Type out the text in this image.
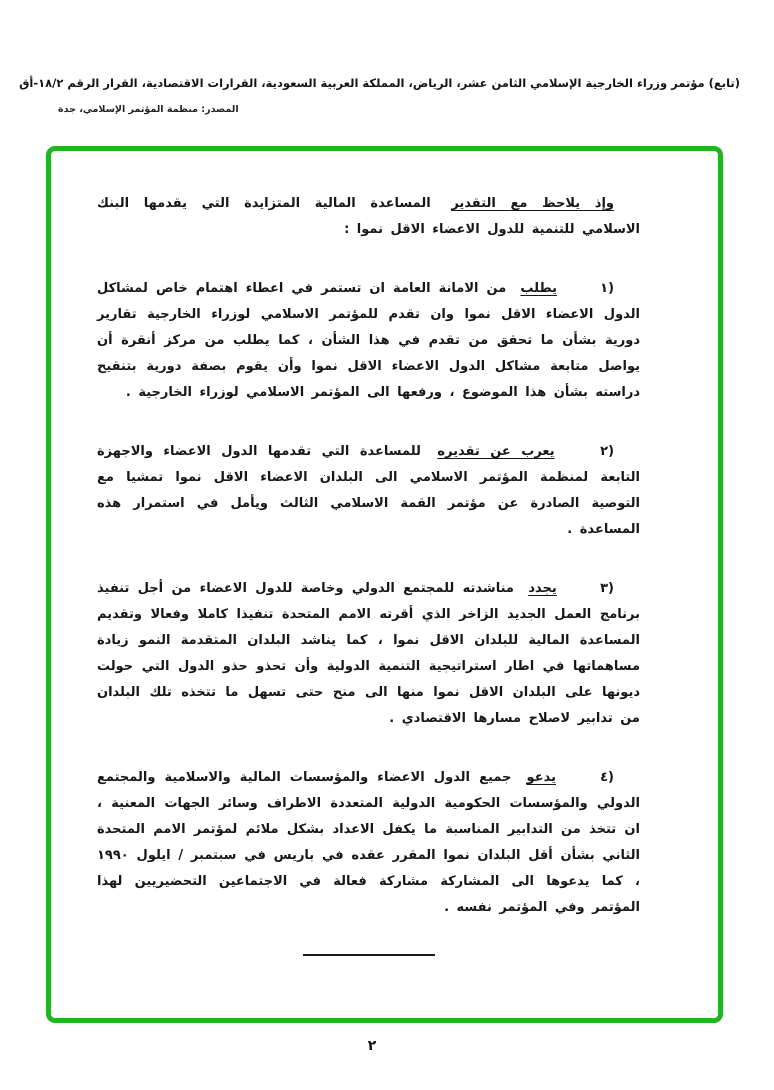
(تابع) مؤتمر وزراء الخارجية الإسلامي الثامن عشر، الرياض، المملكة العربية السعودية، القرارات الاقتصادية، القرار الرقم ١٨/٢-أق
المصدر: منظمة المؤتمر الإسلامي، جدة

وإذ يلاحظ مع التقدير المساعدة المالية المتزايدة التي يقدمها البنك الاسلامي للتنمية للدول الاعضاء الاقل نموا :

١) يطلب من الامانة العامة ان تستمر في اعطاء اهتمام خاص لمشاكل الدول الاعضاء الاقل نموا وان تقدم للمؤتمر الاسلامي لوزراء الخارجية تقارير دورية بشأن ما تحقق من تقدم في هذا الشأن ، كما يطلب من مركز أنقرة أن يواصل متابعة مشاكل الدول الاعضاء الاقل نموا وأن يقوم بصفة دورية بتنقيح دراسته بشأن هذا الموضوع ، ورفعها الى المؤتمر الاسلامي لوزراء الخارجية .

٢) يعرب عن تقديره للمساعدة التي تقدمها الدول الاعضاء والاجهزة التابعة لمنظمة المؤتمر الاسلامي الى البلدان الاعضاء الاقل نموا تمشيا مع التوصية الصادرة عن مؤتمر القمة الاسلامي الثالث ويأمل في استمرار هذه المساعدة .

٣) يجدد مناشدته للمجتمع الدولي وخاصة للدول الاعضاء من أجل تنفيذ برنامج العمل الجديد الزاخر الذي أقرته الامم المتحدة تنفيذا كاملا وفعالا وتقديم المساعدة المالية للبلدان الاقل نموا ، كما يناشد البلدان المتقدمة النمو زيادة مساهماتها في اطار استراتيجية التنمية الدولية وأن تحذو حذو الدول التي حولت ديونها على البلدان الاقل نموا منها الى منح حتى تسهل ما تتخذه تلك البلدان من تدابير لاصلاح مسارها الاقتصادي .

٤) يدعو جميع الدول الاعضاء والمؤسسات المالية والاسلامية والمجتمع الدولي والمؤسسات الحكومية الدولية المتعددة الاطراف وسائر الجهات المعنية ، ان تتخذ من التدابير المناسبة ما يكفل الاعداد بشكل ملائم لمؤتمر الامم المتحدة الثاني بشأن أقل البلدان نموا المقرر عقده في باريس في سبتمبر / ايلول ١٩٩٠ ، كما يدعوها الى المشاركة مشاركة فعالة في الاجتماعين التحضيريين لهذا المؤتمر وفي المؤتمر نفسه .

٢
